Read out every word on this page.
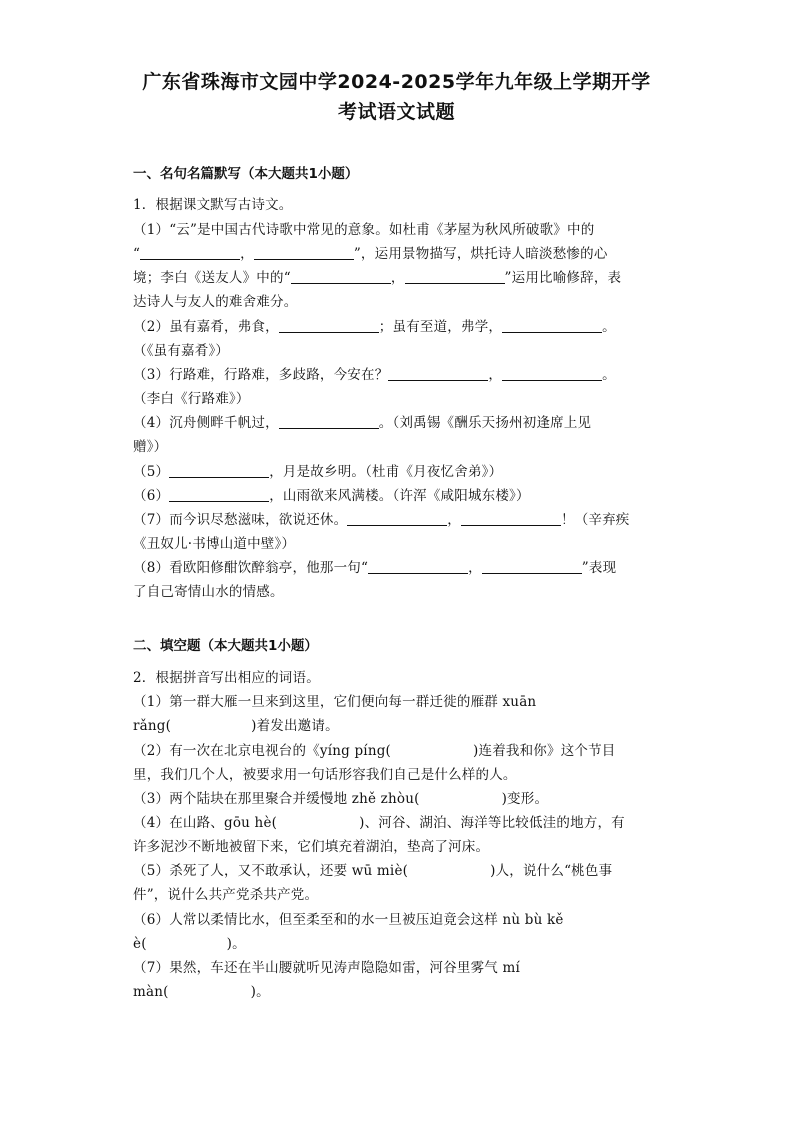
广东省珠海市文园中学2024-2025学年九年级上学期开学
考试语文试题
一、名句名篇默写（本大题共1小题）
1．根据课文默写古诗文。
（1）“云”是中国古代诗歌中常见的意象。如杜甫《茅屋为秋风所破歌》中的
“	，	”，运用景物描写，烘托诗人暗淡愁惨的心
境；李白《送友人》中的“	，	”运用比喻修辞，表
达诗人与友人的难舍难分。
（2）虽有嘉肴，弗食，	；虽有至道，弗学，	。
（《虽有嘉肴》）
（3）行路难，行路难，多歧路，今安在？	，	。
（李白《行路难》）
（4）沉舟侧畔千帆过，	。（刘禹锡《酬乐天扬州初逢席上见
赠》）
（5）	，月是故乡明。（杜甫《月夜忆舍弟》）
（6）	，山雨欲来风满楼。（许浑《咸阳城东楼》）
（7）而今识尽愁滋味，欲说还休。	，	！（辛弃疾
《丑奴儿·书博山道中壁》）
（8）看欧阳修酣饮醉翁亭，他那一句“	，	”表现
了自己寄情山水的情感。
二、填空题（本大题共1小题）
2．根据拼音写出相应的词语。
（1）第一群大雁一旦来到这里，它们便向每一群迁徙的雁群 xuān
rǎng(	)着发出邀请。
（2）有一次在北京电视台的《yíng píng(	)连着我和你》这个节目
里，我们几个人，被要求用一句话形容我们自己是什么样的人。
（3）两个陆块在那里聚合并缓慢地 zhě zhòu(	)变形。
（4）在山路、gōu hè(	)、河谷、湖泊、海洋等比较低洼的地方，有
许多泥沙不断地被留下来，它们填充着湖泊，垫高了河床。
（5）杀死了人，又不敢承认，还要 wū miè(	)人，说什么“桃色事
件”，说什么共产党杀共产党。
（6）人常以柔情比水，但至柔至和的水一旦被压迫竟会这样 nù bù kě
è(	)。
（7）果然，车还在半山腰就听见涛声隐隐如雷，河谷里雾气 mí
màn(	)。
